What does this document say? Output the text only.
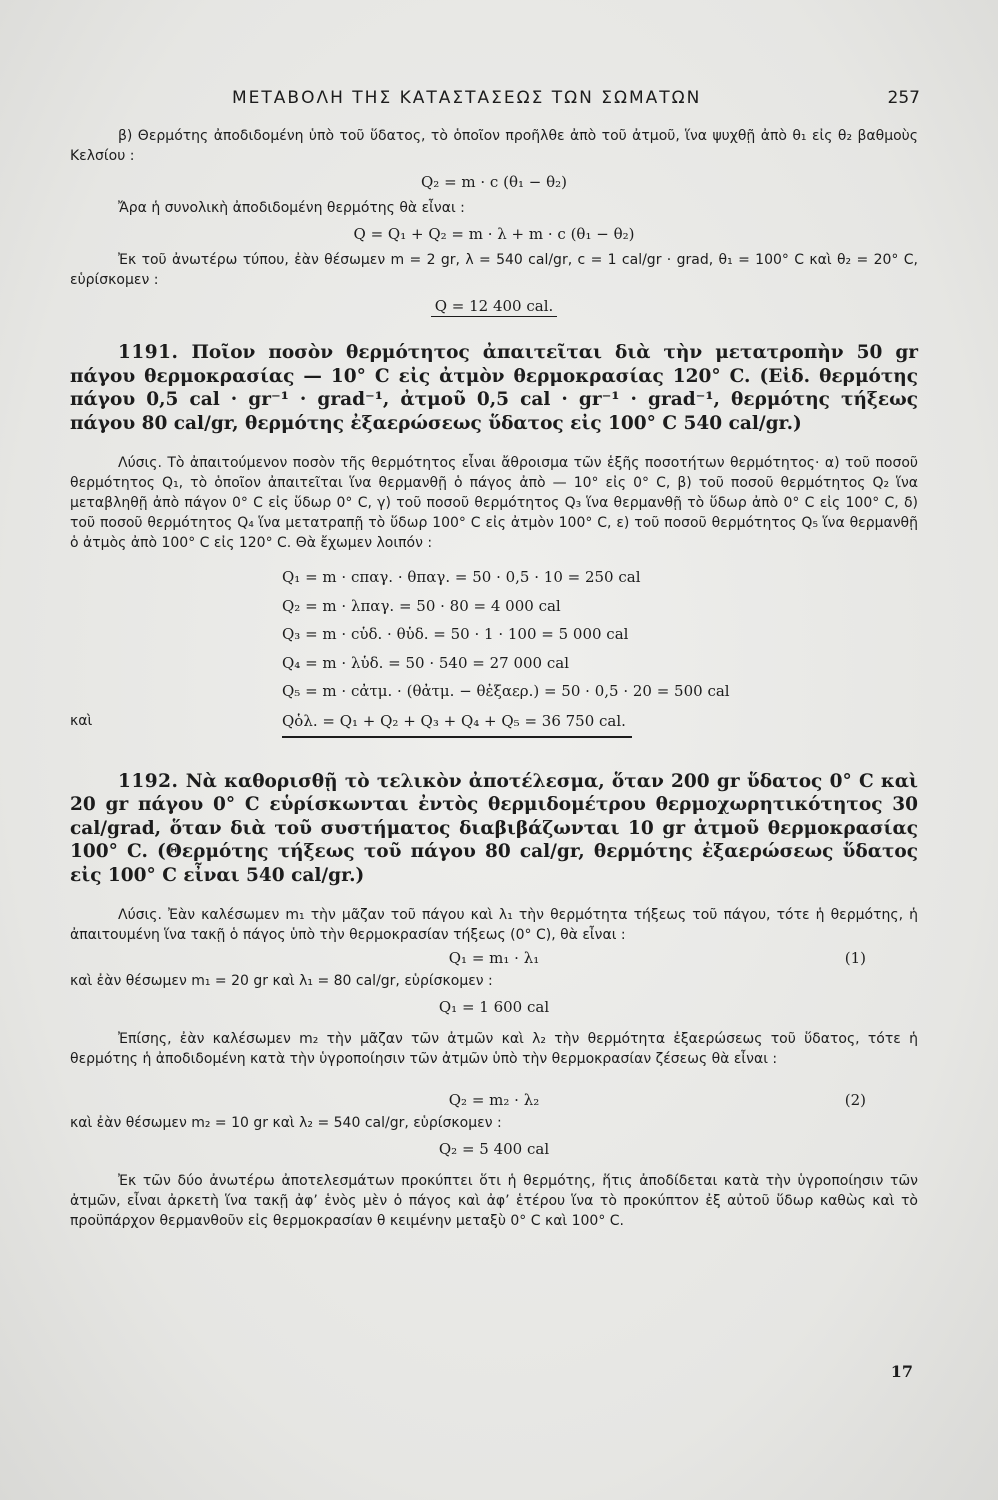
ΜΕΤΑΒΟΛΗ ΤΗΣ ΚΑΤΑΣΤΑΣΕΩΣ ΤΩΝ ΣΩΜΑΤΩΝ	257

β) Θερμότης ἀποδιδομένη ὑπὸ τοῦ ὕδατος, τὸ ὁποῖον προῆλθε ἀπὸ τοῦ ἀτμοῦ, ἵνα ψυχθῇ ἀπὸ θ₁ εἰς θ₂ βαθμοὺς Κελσίου :

Q₂ = m · c (θ₁ − θ₂)

Ἄρα ἡ συνολικὴ ἀποδιδομένη θερμότης θὰ εἶναι :

Q = Q₁ + Q₂ = m · λ + m · c (θ₁ − θ₂)

Ἐκ τοῦ ἀνωτέρω τύπου, ἐὰν θέσωμεν m = 2 gr, λ = 540 cal/gr, c = 1 cal/gr · grad, θ₁ = 100° C καὶ θ₂ = 20° C, εὑρίσκομεν :

Q = 12 400 cal.

1191. Ποῖον ποσὸν θερμότητος ἀπαιτεῖται διὰ τὴν μετατροπὴν 50 gr πάγου θερμοκρασίας — 10° C εἰς ἀτμὸν θερμοκρασίας 120° C. (Εἰδ. θερμότης πάγου 0,5 cal · gr⁻¹ · grad⁻¹, ἀτμοῦ 0,5 cal · gr⁻¹ · grad⁻¹, θερμότης τήξεως πάγου 80 cal/gr, θερμότης ἐξαερώσεως ὕδατος εἰς 100° C 540 cal/gr.)

Λύσις. Τὸ ἀπαιτούμενον ποσὸν τῆς θερμότητος εἶναι ἄθροισμα τῶν ἑξῆς ποσοτήτων θερμότητος· α) τοῦ ποσοῦ θερμότητος Q₁, τὸ ὁποῖον ἀπαιτεῖται ἵνα θερμανθῇ ὁ πάγος ἀπὸ — 10° εἰς 0° C, β) τοῦ ποσοῦ θερμότητος Q₂ ἵνα μεταβληθῇ ἀπὸ πάγον 0° C εἰς ὕδωρ 0° C, γ) τοῦ ποσοῦ θερμότητος Q₃ ἵνα θερμανθῇ τὸ ὕδωρ ἀπὸ 0° C εἰς 100° C, δ) τοῦ ποσοῦ θερμότητος Q₄ ἵνα μετατραπῇ τὸ ὕδωρ 100° C εἰς ἀτμὸν 100° C, ε) τοῦ ποσοῦ θερμότητος Q₅ ἵνα θερμανθῇ ὁ ἀτμὸς ἀπὸ 100° C εἰς 120° C. Θὰ ἔχωμεν λοιπόν :

Q₁ = m · cπαγ. · θπαγ. = 50 · 0,5 · 10 = 250 cal
Q₂ = m · λπαγ. = 50 · 80 = 4 000 cal
Q₃ = m · cὑδ. · θὑδ. = 50 · 1 · 100 = 5 000 cal
Q₄ = m · λὑδ. = 50 · 540 = 27 000 cal
Q₅ = m · cἀτμ. · (θἀτμ. − θἐξαερ.) = 50 · 0,5 · 20 = 500 cal
καὶ	Qὁλ. = Q₁ + Q₂ + Q₃ + Q₄ + Q₅ = 36 750 cal.

1192. Νὰ καθορισθῇ τὸ τελικὸν ἀποτέλεσμα, ὅταν 200 gr ὕδατος 0° C καὶ 20 gr πάγου 0° C εὑρίσκωνται ἐντὸς θερμιδομέτρου θερμοχωρητικότητος 30 cal/grad, ὅταν διὰ τοῦ συστήματος διαβιβάζωνται 10 gr ἀτμοῦ θερμοκρασίας 100° C. (Θερμότης τήξεως τοῦ πάγου 80 cal/gr, θερμότης ἐξαερώσεως ὕδατος εἰς 100° C εἶναι 540 cal/gr.)

Λύσις. Ἐὰν καλέσωμεν m₁ τὴν μᾶζαν τοῦ πάγου καὶ λ₁ τὴν θερμότητα τήξεως τοῦ πάγου, τότε ἡ θερμότης, ἡ ἀπαιτουμένη ἵνα τακῇ ὁ πάγος ὑπὸ τὴν θερμοκρασίαν τήξεως (0° C), θὰ εἶναι :

Q₁ = m₁ · λ₁	(1)

καὶ ἐὰν θέσωμεν m₁ = 20 gr καὶ λ₁ = 80 cal/gr, εὑρίσκομεν :

Q₁ = 1 600 cal

Ἐπίσης, ἐὰν καλέσωμεν m₂ τὴν μᾶζαν τῶν ἀτμῶν καὶ λ₂ τὴν θερμότητα ἐξαερώσεως τοῦ ὕδατος, τότε ἡ θερμότης ἡ ἀποδιδομένη κατὰ τὴν ὑγροποίησιν τῶν ἀτμῶν ὑπὸ τὴν θερμοκρασίαν ζέσεως θὰ εἶναι :

Q₂ = m₂ · λ₂	(2)

καὶ ἐὰν θέσωμεν m₂ = 10 gr καὶ λ₂ = 540 cal/gr, εὑρίσκομεν :

Q₂ = 5 400 cal

Ἐκ τῶν δύο ἀνωτέρω ἀποτελεσμάτων προκύπτει ὅτι ἡ θερμότης, ἥτις ἀποδίδεται κατὰ τὴν ὑγροποίησιν τῶν ἀτμῶν, εἶναι ἀρκετὴ ἵνα τακῇ ἀφ’ ἑνὸς μὲν ὁ πάγος καὶ ἀφ’ ἑτέρου ἵνα τὸ προκύπτον ἐξ αὐτοῦ ὕδωρ καθὼς καὶ τὸ προϋπάρχον θερμανθοῦν εἰς θερμοκρασίαν θ κειμένην μεταξὺ 0° C καὶ 100° C.

17
